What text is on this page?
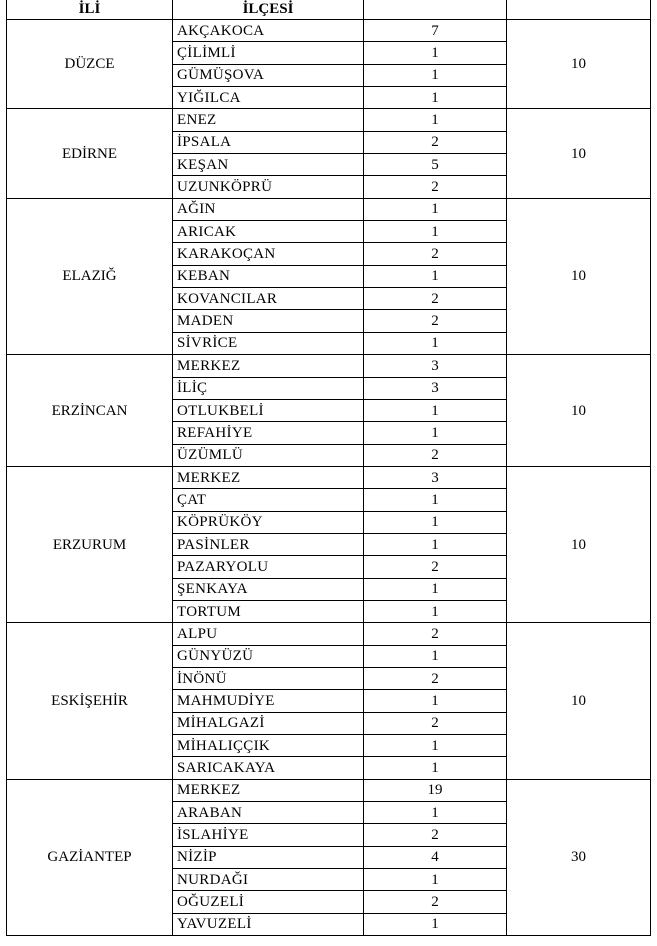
İLİ	İLÇESİ		
DÜZCE	AKÇAKOCA	7	10
	ÇİLİMLİ	1	
	GÜMÜŞOVA	1	
	YIĞILCA	1	
EDİRNE	ENEZ	1	10
	İPSALA	2	
	KEŞAN	5	
	UZUNKÖPRÜ	2	
ELAZIĞ	AĞIN	1	10
	ARICAK	1	
	KARAKOÇAN	2	
	KEBAN	1	
	KOVANCILAR	2	
	MADEN	2	
	SİVRİCE	1	
ERZİNCAN	MERKEZ	3	10
	İLİÇ	3	
	OTLUKBELİ	1	
	REFAHİYE	1	
	ÜZÜMLÜ	2	
ERZURUM	MERKEZ	3	10
	ÇAT	1	
	KÖPRÜKÖY	1	
	PASİNLER	1	
	PAZARYOLU	2	
	ŞENKAYA	1	
	TORTUM	1	
ESKİŞEHİR	ALPU	2	10
	GÜNYÜZÜ	1	
	İNÖNÜ	2	
	MAHMUDİYE	1	
	MİHALGAZİ	2	
	MİHALIÇÇIK	1	
	SARICAKAYA	1	
GAZİANTEP	MERKEZ	19	30
	ARABAN	1	
	İSLAHİYE	2	
	NİZİP	4	
	NURDAĞI	1	
	OĞUZELİ	2	
	YAVUZELİ	1	
